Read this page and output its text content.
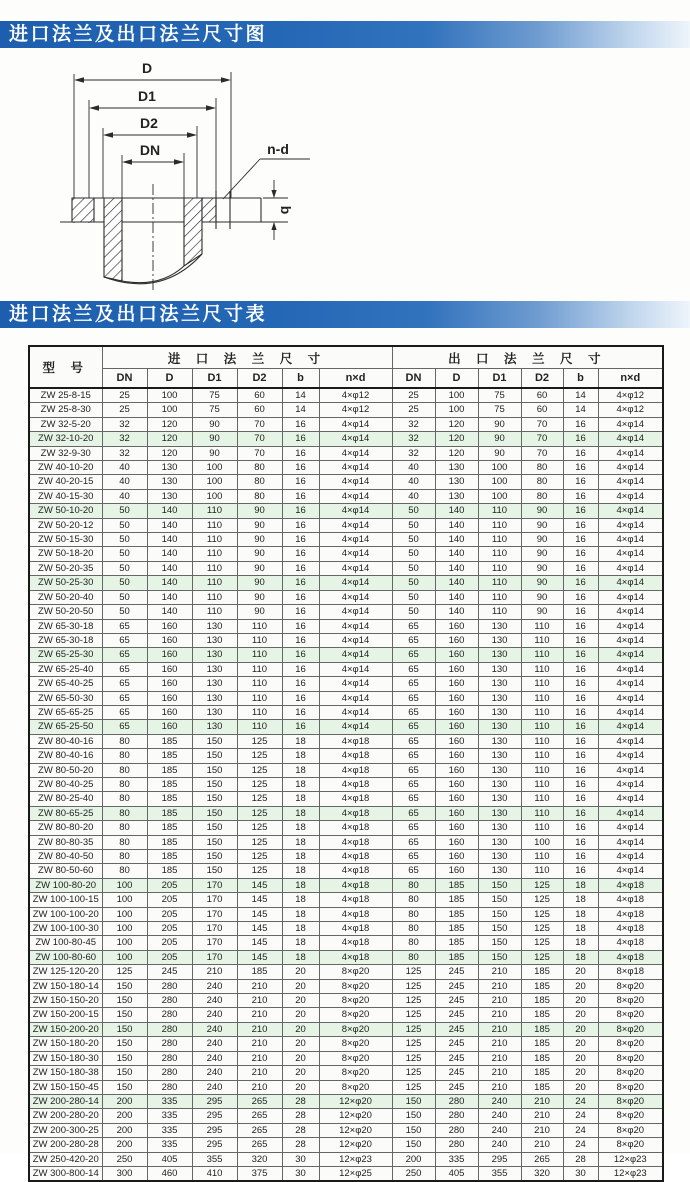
进口法兰及出口法兰尺寸图
D
D1
D2
DN	n-d
b
进口法兰及出口法兰尺寸表
型 号	进 口 法 兰 尺 寸						出 口 法 兰 尺 寸					
	DN	D	D1	D2	b	n×d	DN	D	D1	D2	b	n×d
ZW 25-8-15	25	100	75	60	14	4×φ12	25	100	75	60	14	4×φ12
ZW 25-8-30	25	100	75	60	14	4×φ12	25	100	75	60	14	4×φ12
ZW 32-5-20	32	120	90	70	16	4×φ14	32	120	90	70	16	4×φ14
ZW 32-10-20	32	120	90	70	16	4×φ14	32	120	90	70	16	4×φ14
ZW 32-9-30	32	120	90	70	16	4×φ14	32	120	90	70	16	4×φ14
ZW 40-10-20	40	130	100	80	16	4×φ14	40	130	100	80	16	4×φ14
ZW 40-20-15	40	130	100	80	16	4×φ14	40	130	100	80	16	4×φ14
ZW 40-15-30	40	130	100	80	16	4×φ14	40	130	100	80	16	4×φ14
ZW 50-10-20	50	140	110	90	16	4×φ14	50	140	110	90	16	4×φ14
ZW 50-20-12	50	140	110	90	16	4×φ14	50	140	110	90	16	4×φ14
ZW 50-15-30	50	140	110	90	16	4×φ14	50	140	110	90	16	4×φ14
ZW 50-18-20	50	140	110	90	16	4×φ14	50	140	110	90	16	4×φ14
ZW 50-20-35	50	140	110	90	16	4×φ14	50	140	110	90	16	4×φ14
ZW 50-25-30	50	140	110	90	16	4×φ14	50	140	110	90	16	4×φ14
ZW 50-20-40	50	140	110	90	16	4×φ14	50	140	110	90	16	4×φ14
ZW 50-20-50	50	140	110	90	16	4×φ14	50	140	110	90	16	4×φ14
ZW 65-30-18	65	160	130	110	16	4×φ14	65	160	130	110	16	4×φ14
ZW 65-30-18	65	160	130	110	16	4×φ14	65	160	130	110	16	4×φ14
ZW 65-25-30	65	160	130	110	16	4×φ14	65	160	130	110	16	4×φ14
ZW 65-25-40	65	160	130	110	16	4×φ14	65	160	130	110	16	4×φ14
ZW 65-40-25	65	160	130	110	16	4×φ14	65	160	130	110	16	4×φ14
ZW 65-50-30	65	160	130	110	16	4×φ14	65	160	130	110	16	4×φ14
ZW 65-65-25	65	160	130	110	16	4×φ14	65	160	130	110	16	4×φ14
ZW 65-25-50	65	160	130	110	16	4×φ14	65	160	130	110	16	4×φ14
ZW 80-40-16	80	185	150	125	18	4×φ18	65	160	130	110	16	4×φ14
ZW 80-40-16	80	185	150	125	18	4×φ18	65	160	130	110	16	4×φ14
ZW 80-50-20	80	185	150	125	18	4×φ18	65	160	130	110	16	4×φ14
ZW 80-40-25	80	185	150	125	18	4×φ18	65	160	130	110	16	4×φ14
ZW 80-25-40	80	185	150	125	18	4×φ18	65	160	130	110	16	4×φ14
ZW 80-65-25	80	185	150	125	18	4×φ18	65	160	130	110	16	4×φ14
ZW 80-80-20	80	185	150	125	18	4×φ18	65	160	130	110	16	4×φ14
ZW 80-80-35	80	185	150	125	18	4×φ18	65	160	130	100	16	4×φ14
ZW 80-40-50	80	185	150	125	18	4×φ18	65	160	130	110	16	4×φ14
ZW 80-50-60	80	185	150	125	18	4×φ18	65	160	130	110	16	4×φ14
ZW 100-80-20	100	205	170	145	18	4×φ18	80	185	150	125	18	4×φ18
ZW 100-100-15	100	205	170	145	18	4×φ18	80	185	150	125	18	4×φ18
ZW 100-100-20	100	205	170	145	18	4×φ18	80	185	150	125	18	4×φ18
ZW 100-100-30	100	205	170	145	18	4×φ18	80	185	150	125	18	4×φ18
ZW 100-80-45	100	205	170	145	18	4×φ18	80	185	150	125	18	4×φ18
ZW 100-80-60	100	205	170	145	18	4×φ18	80	185	150	125	18	4×φ18
ZW 125-120-20	125	245	210	185	20	8×φ20	125	245	210	185	20	8×φ18
ZW 150-180-14	150	280	240	210	20	8×φ20	125	245	210	185	20	8×φ20
ZW 150-150-20	150	280	240	210	20	8×φ20	125	245	210	185	20	8×φ20
ZW 150-200-15	150	280	240	210	20	8×φ20	125	245	210	185	20	8×φ20
ZW 150-200-20	150	280	240	210	20	8×φ20	125	245	210	185	20	8×φ20
ZW 150-180-20	150	280	240	210	20	8×φ20	125	245	210	185	20	8×φ20
ZW 150-180-30	150	280	240	210	20	8×φ20	125	245	210	185	20	8×φ20
ZW 150-180-38	150	280	240	210	20	8×φ20	125	245	210	185	20	8×φ20
ZW 150-150-45	150	280	240	210	20	8×φ20	125	245	210	185	20	8×φ20
ZW 200-280-14	200	335	295	265	28	12×φ20	150	280	240	210	24	8×φ20
ZW 200-280-20	200	335	295	265	28	12×φ20	150	280	240	210	24	8×φ20
ZW 200-300-25	200	335	295	265	28	12×φ20	150	280	240	210	24	8×φ20
ZW 200-280-28	200	335	295	265	28	12×φ20	150	280	240	210	24	8×φ20
ZW 250-420-20	250	405	355	320	30	12×φ23	200	335	295	265	28	12×φ23
ZW 300-800-14	300	460	410	375	30	12×φ25	250	405	355	320	30	12×φ23
